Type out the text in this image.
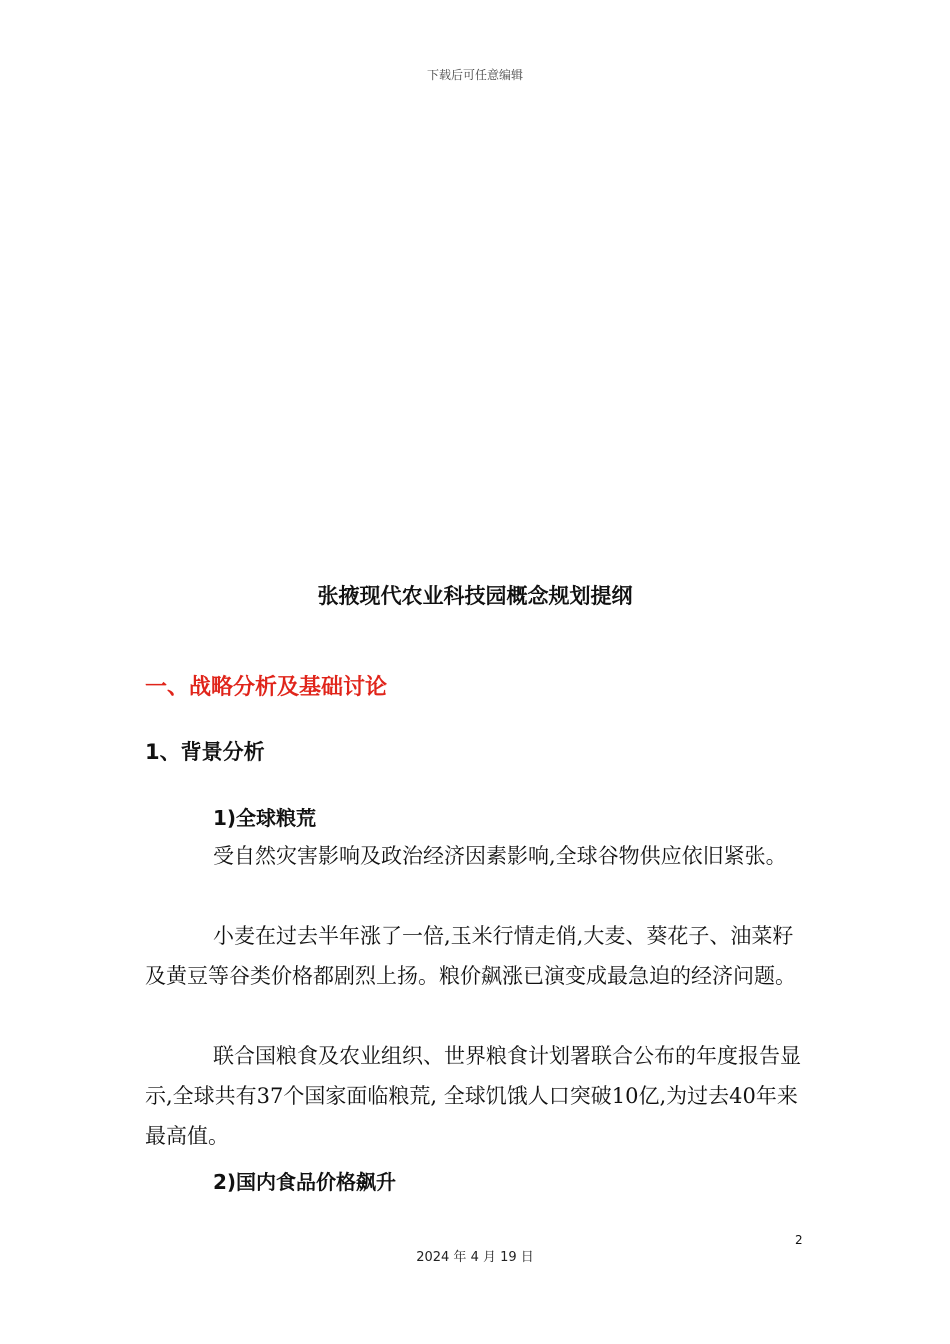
下载后可任意编辑
张掖现代农业科技园概念规划提纲
一、战略分析及基础讨论
1、背景分析
1)全球粮荒

受自然灾害影响及政治经济因素影响,全球谷物供应依旧紧张。

小麦在过去半年涨了一倍,玉米行情走俏,大麦、葵花子、油菜籽及黄豆等谷类价格都剧烈上扬。粮价飙涨已演变成最急迫的经济问题。

联合国粮食及农业组织、世界粮食计划署联合公布的年度报告显示,全球共有37个国家面临粮荒, 全球饥饿人口突破10亿,为过去40年来最高值。

2)国内食品价格飙升
2
2024 年 4 月 19 日
